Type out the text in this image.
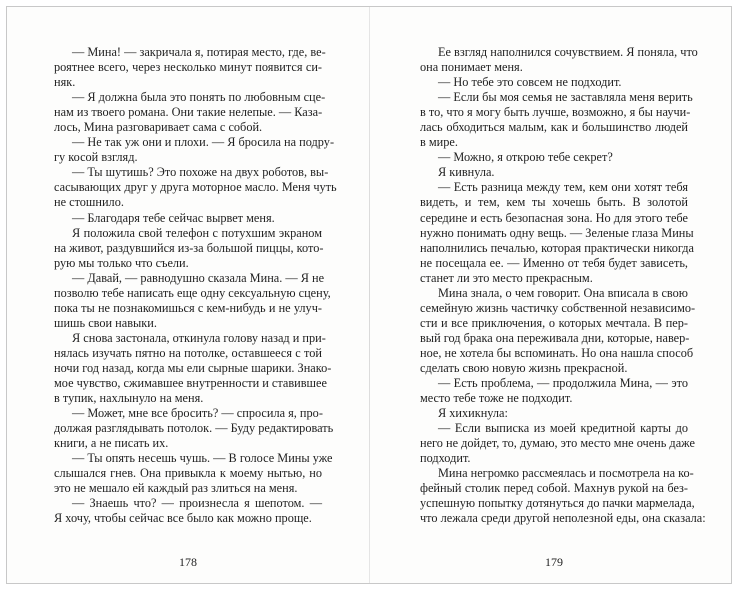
— Мина! — закричала я, потирая место, где, ве-
роятнее всего, через несколько минут появится си-
няк.
— Я должна была это понять по любовным сце-
нам из твоего романа. Они такие нелепые. — Каза-
лось, Мина разговаривает сама с собой.
— Не так уж они и плохи. — Я бросила на подру-
гу косой взгляд.
— Ты шутишь? Это похоже на двух роботов, вы-
сасывающих друг у друга моторное масло. Меня чуть
не стошнило.
— Благодаря тебе сейчас вырвет меня.
Я положила свой телефон с потухшим экраном
на живот, раздувшийся из-за большой пиццы, кото-
рую мы только что съели.
— Давай, — равнодушно сказала Мина. — Я не
позволю тебе написать еще одну сексуальную сцену,
пока ты не познакомишься с кем-нибудь и не улуч-
шишь свои навыки.
Я снова застонала, откинула голову назад и при-
нялась изучать пятно на потолке, оставшееся с той
ночи год назад, когда мы ели сырные шарики. Знако-
мое чувство, сжимавшее внутренности и ставившее
в тупик, нахлынуло на меня.
— Может, мне все бросить? — спросила я, про-
должая разглядывать потолок. — Буду редактировать
книги, а не писать их.
— Ты опять несешь чушь. — В голосе Мины уже
слышался гнев. Она привыкла к моему нытью, но
это не мешало ей каждый раз злиться на меня.
— Знаешь что? — произнесла я шепотом. —
Я хочу, чтобы сейчас все было как можно проще.
178
Ее взгляд наполнился сочувствием. Я поняла, что
она понимает меня.
— Но тебе это совсем не подходит.
— Если бы моя семья не заставляла меня верить
в то, что я могу быть лучше, возможно, я бы научи-
лась обходиться малым, как и большинство людей
в мире.
— Можно, я открою тебе секрет?
Я кивнула.
— Есть разница между тем, кем они хотят тебя
видеть, и тем, кем ты хочешь быть. В золотой
середине и есть безопасная зона. Но для этого тебе
нужно понимать одну вещь. — Зеленые глаза Мины
наполнились печалью, которая практически никогда
не посещала ее. — Именно от тебя будет зависеть,
станет ли это место прекрасным.
Мина знала, о чем говорит. Она вписала в свою
семейную жизнь частичку собственной независимо-
сти и все приключения, о которых мечтала. В пер-
вый год брака она переживала дни, которые, навер-
ное, не хотела бы вспоминать. Но она нашла способ
сделать свою новую жизнь прекрасной.
— Есть проблема, — продолжила Мина, — это
место тебе тоже не подходит.
Я хихикнула:
— Если выписка из моей кредитной карты до
него не дойдет, то, думаю, это место мне очень даже
подходит.
Мина негромко рассмеялась и посмотрела на ко-
фейный столик перед собой. Махнув рукой на без-
успешную попытку дотянуться до пачки мармелада,
что лежала среди другой неполезной еды, она сказала:
179
